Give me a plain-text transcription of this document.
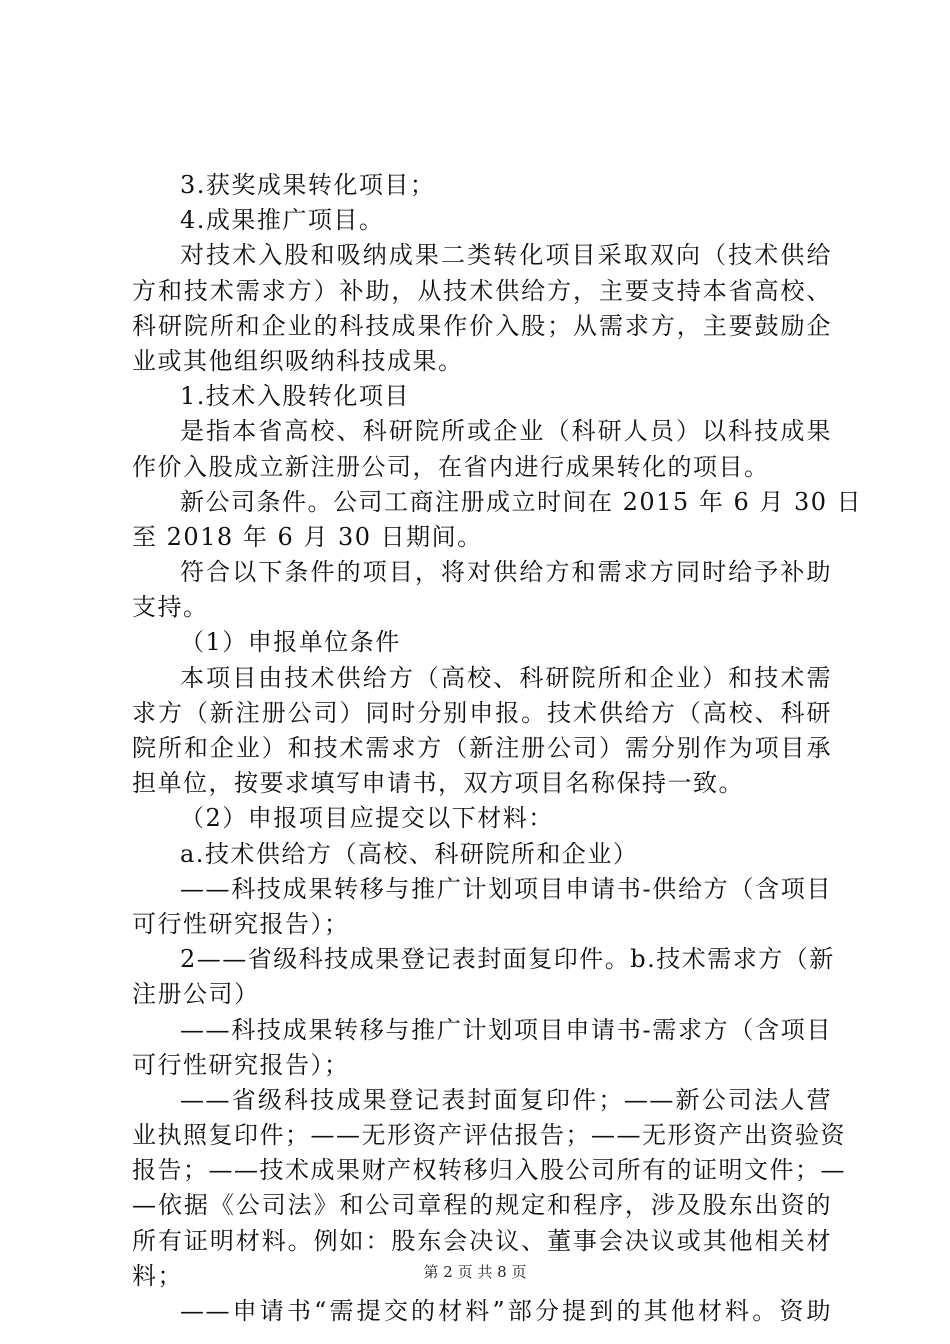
3.获奖成果转化项目；
4.成果推广项目。
对技术入股和吸纳成果二类转化项目采取双向（技术供给
方和技术需求方）补助，从技术供给方，主要支持本省高校、
科研院所和企业的科技成果作价入股；从需求方，主要鼓励企
业或其他组织吸纳科技成果。
1.技术入股转化项目
是指本省高校、科研院所或企业（科研人员）以科技成果
作价入股成立新注册公司，在省内进行成果转化的项目。
新公司条件。公司工商注册成立时间在 2015 年 6 月 30 日
至 2018 年 6 月 30 日期间。
符合以下条件的项目，将对供给方和需求方同时给予补助
支持。
（1）申报单位条件
本项目由技术供给方（高校、科研院所和企业）和技术需
求方（新注册公司）同时分别申报。技术供给方（高校、科研
院所和企业）和技术需求方（新注册公司）需分别作为项目承
担单位，按要求填写申请书，双方项目名称保持一致。
（2）申报项目应提交以下材料：
a.技术供给方（高校、科研院所和企业）
——科技成果转移与推广计划项目申请书-供给方（含项目
可行性研究报告）；
2——省级科技成果登记表封面复印件。b.技术需求方（新
注册公司）
——科技成果转移与推广计划项目申请书-需求方（含项目
可行性研究报告）；
——省级科技成果登记表封面复印件；——新公司法人营
业执照复印件；——无形资产评估报告；——无形资产出资验资
报告；——技术成果财产权转移归入股公司所有的证明文件；—
—依据《公司法》和公司章程的规定和程序，涉及股东出资的
所有证明材料。例如：股东会决议、董事会决议或其他相关材
料；
——申请书“需提交的材料”部分提到的其他材料。资助
第 2 页 共 8 页
